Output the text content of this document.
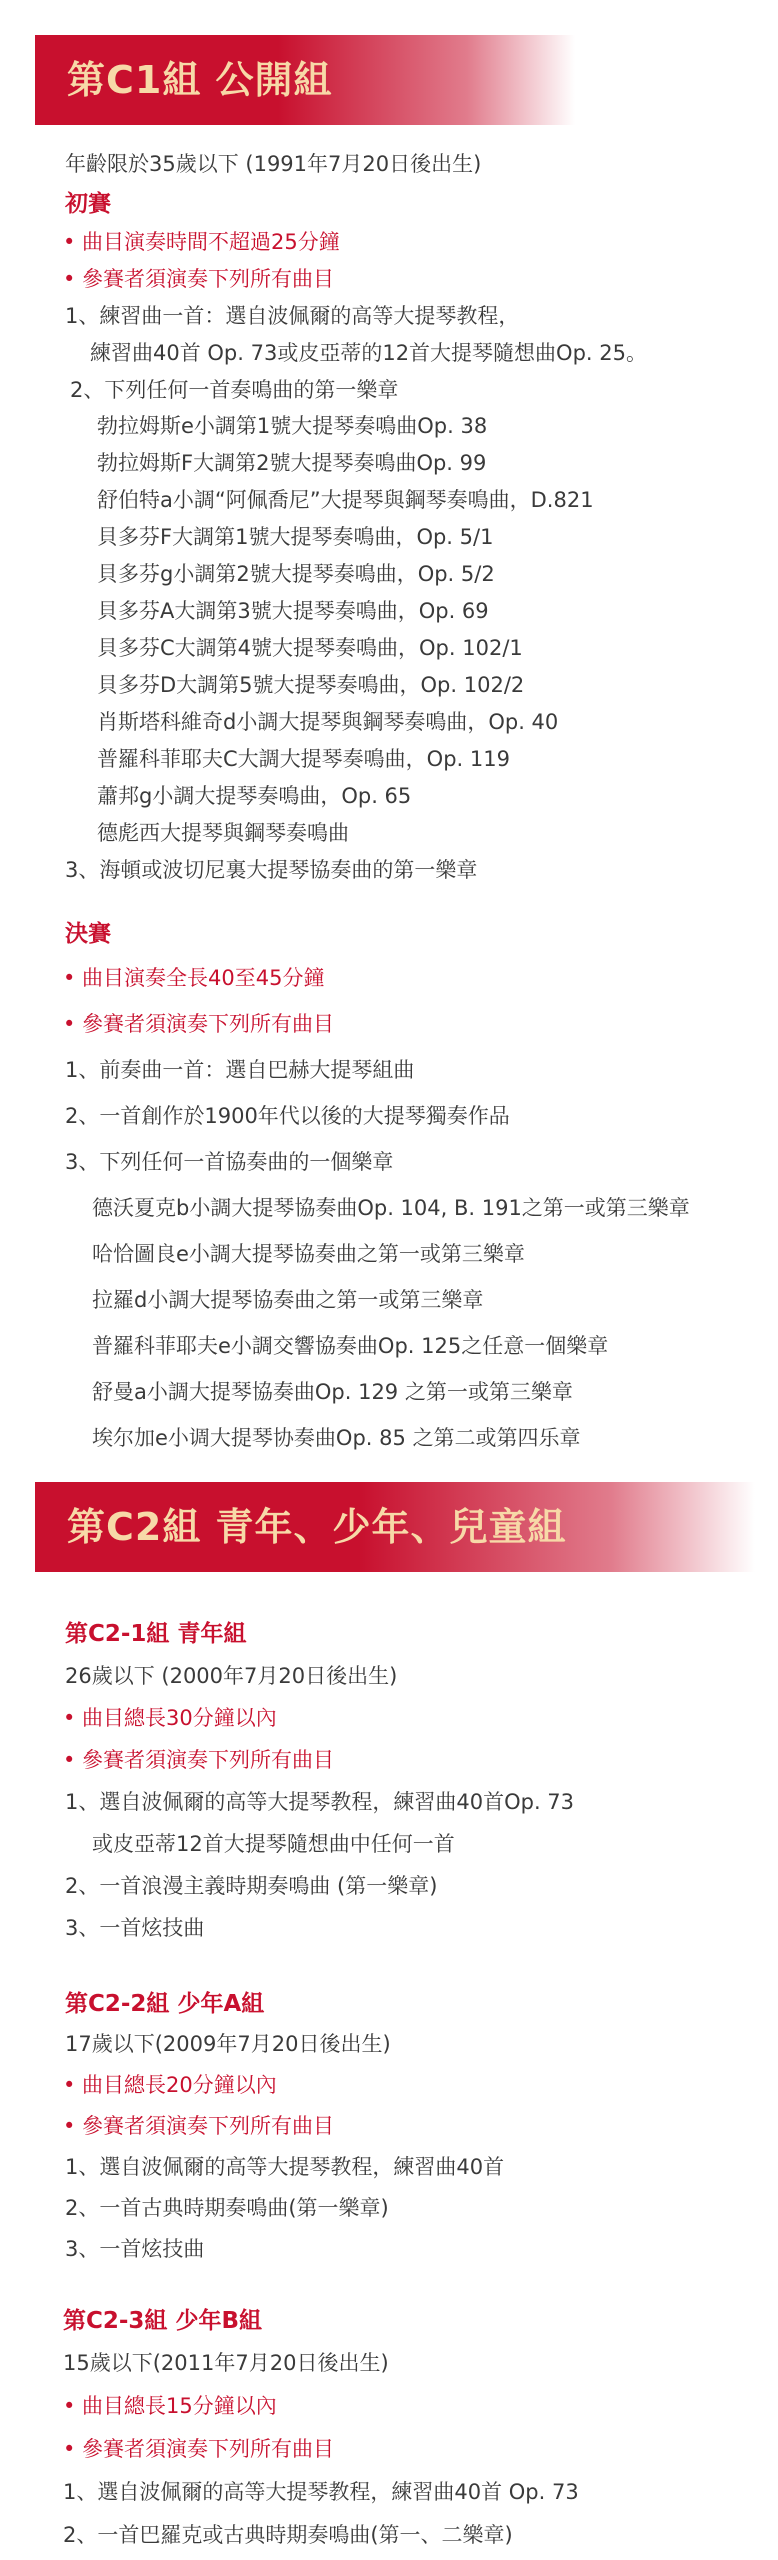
第C1組 公開組
年齡限於35歲以下 (1991年7月20日後出生)
初賽
• 曲目演奏時間不超過25分鐘
• 參賽者須演奏下列所有曲目
1、練習曲一首：選自波佩爾的高等大提琴教程，
練習曲40首 Op. 73或皮亞蒂的12首大提琴隨想曲Op. 25。
2、下列任何一首奏鳴曲的第一樂章
勃拉姆斯e小調第1號大提琴奏鳴曲Op. 38
勃拉姆斯F大調第2號大提琴奏鳴曲Op. 99
舒伯特a小調“阿佩喬尼”大提琴與鋼琴奏鳴曲，D.821
貝多芬F大調第1號大提琴奏鳴曲，Op. 5/1
貝多芬g小調第2號大提琴奏鳴曲，Op. 5/2
貝多芬A大調第3號大提琴奏鳴曲，Op. 69
貝多芬C大調第4號大提琴奏鳴曲，Op. 102/1
貝多芬D大調第5號大提琴奏鳴曲，Op. 102/2
肖斯塔科維奇d小調大提琴與鋼琴奏鳴曲，Op. 40
普羅科菲耶夫C大調大提琴奏鳴曲，Op. 119
蕭邦g小調大提琴奏鳴曲，Op. 65
德彪西大提琴與鋼琴奏鳴曲
3、海頓或波切尼裏大提琴協奏曲的第一樂章
決賽
• 曲目演奏全長40至45分鐘
• 參賽者須演奏下列所有曲目
1、前奏曲一首：選自巴赫大提琴組曲
2、一首創作於1900年代以後的大提琴獨奏作品
3、下列任何一首協奏曲的一個樂章
德沃夏克b小調大提琴協奏曲Op. 104, B. 191之第一或第三樂章
哈恰圖良e小調大提琴協奏曲之第一或第三樂章
拉羅d小調大提琴協奏曲之第一或第三樂章
普羅科菲耶夫e小調交響協奏曲Op. 125之任意一個樂章
舒曼a小調大提琴協奏曲Op. 129 之第一或第三樂章
埃尔加e小调大提琴协奏曲Op. 85 之第二或第四乐章
第C2組 青年、少年、兒童組
第C2-1組 青年組
26歲以下 (2000年7月20日後出生)
• 曲目總長30分鐘以內
• 參賽者須演奏下列所有曲目
1、選自波佩爾的高等大提琴教程，練習曲40首Op. 73
或皮亞蒂12首大提琴隨想曲中任何一首
2、一首浪漫主義時期奏鳴曲 (第一樂章)
3、一首炫技曲
第C2-2組 少年A組
17歲以下(2009年7月20日後出生)
• 曲目總長20分鐘以內
• 參賽者須演奏下列所有曲目
1、選自波佩爾的高等大提琴教程，練習曲40首
2、一首古典時期奏鳴曲(第一樂章)
3、一首炫技曲
第C2-3組 少年B組
15歲以下(2011年7月20日後出生)
• 曲目總長15分鐘以內
• 參賽者須演奏下列所有曲目
1、選自波佩爾的高等大提琴教程，練習曲40首 Op. 73
2、一首巴羅克或古典時期奏鳴曲(第一、二樂章)
